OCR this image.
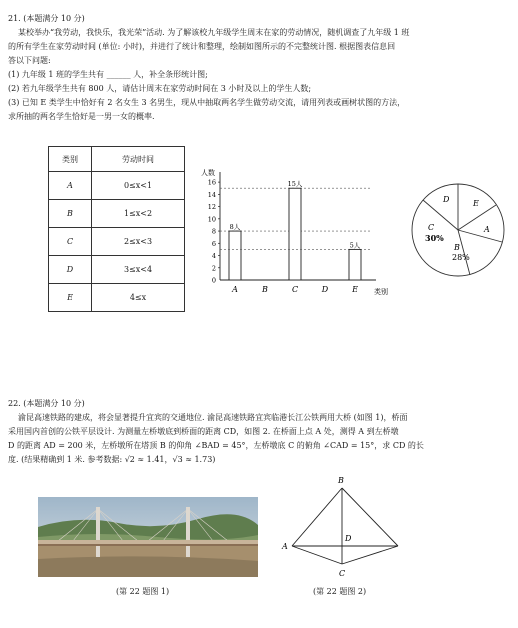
21. (本题满分 10 分)
某校举办“我劳动，我快乐，我光荣”活动. 为了解该校九年级学生周末在家的劳动情况，随机调查了九年级 1 班
的所有学生在家劳动时间 (单位: 小时)，并进行了统计和整理，绘制如图所示的不完整统计图. 根据图表信息回
答以下问题:
(1) 九年级 1 班的学生共有 ______ 人，补全条形统计图;
(2) 若九年级学生共有 800 人，请估计周末在家劳动时间在 3 小时及以上的学生人数;
(3) 已知 E 类学生中恰好有 2 名女生 3 名男生，现从中抽取两名学生做劳动交流，请用列表或画树状图的方法，
求所抽的两名学生恰好是一男一女的概率.
类别	劳动时间
A	0≤x<1
B	1≤x<2
C	2≤x<3
D	3≤x<4
E	4≤x
人数
类别
0
2
4
6
8
10
12
14
16
A
8人
B	C
15人
D	E
5人
D	E
A
B
28%
C
30%
22. (本题满分 10 分)
渝昆高速铁路的建成，将会显著提升宜宾的交通地位. 渝昆高速铁路宜宾临港长江公铁两用大桥 (如图 1)，桥面
采用国内首创的公铁平层设计. 为测量左桥墩底到桥面的距离 CD，如图 2. 在桥面上点 A 处，测得 A 到左桥墩
D 的距离 AD = 200 米，左桥墩所在塔顶 B 的仰角 ∠BAD = 45°，左桥墩底 C 的俯角 ∠CAD = 15°，求 CD 的长
度. (结果精确到 1 米. 参考数据: √2 ≈ 1.41，√3 ≈ 1.73)
(第 22 题图 1)
B
A
D
C
(第 22 题图 2)
